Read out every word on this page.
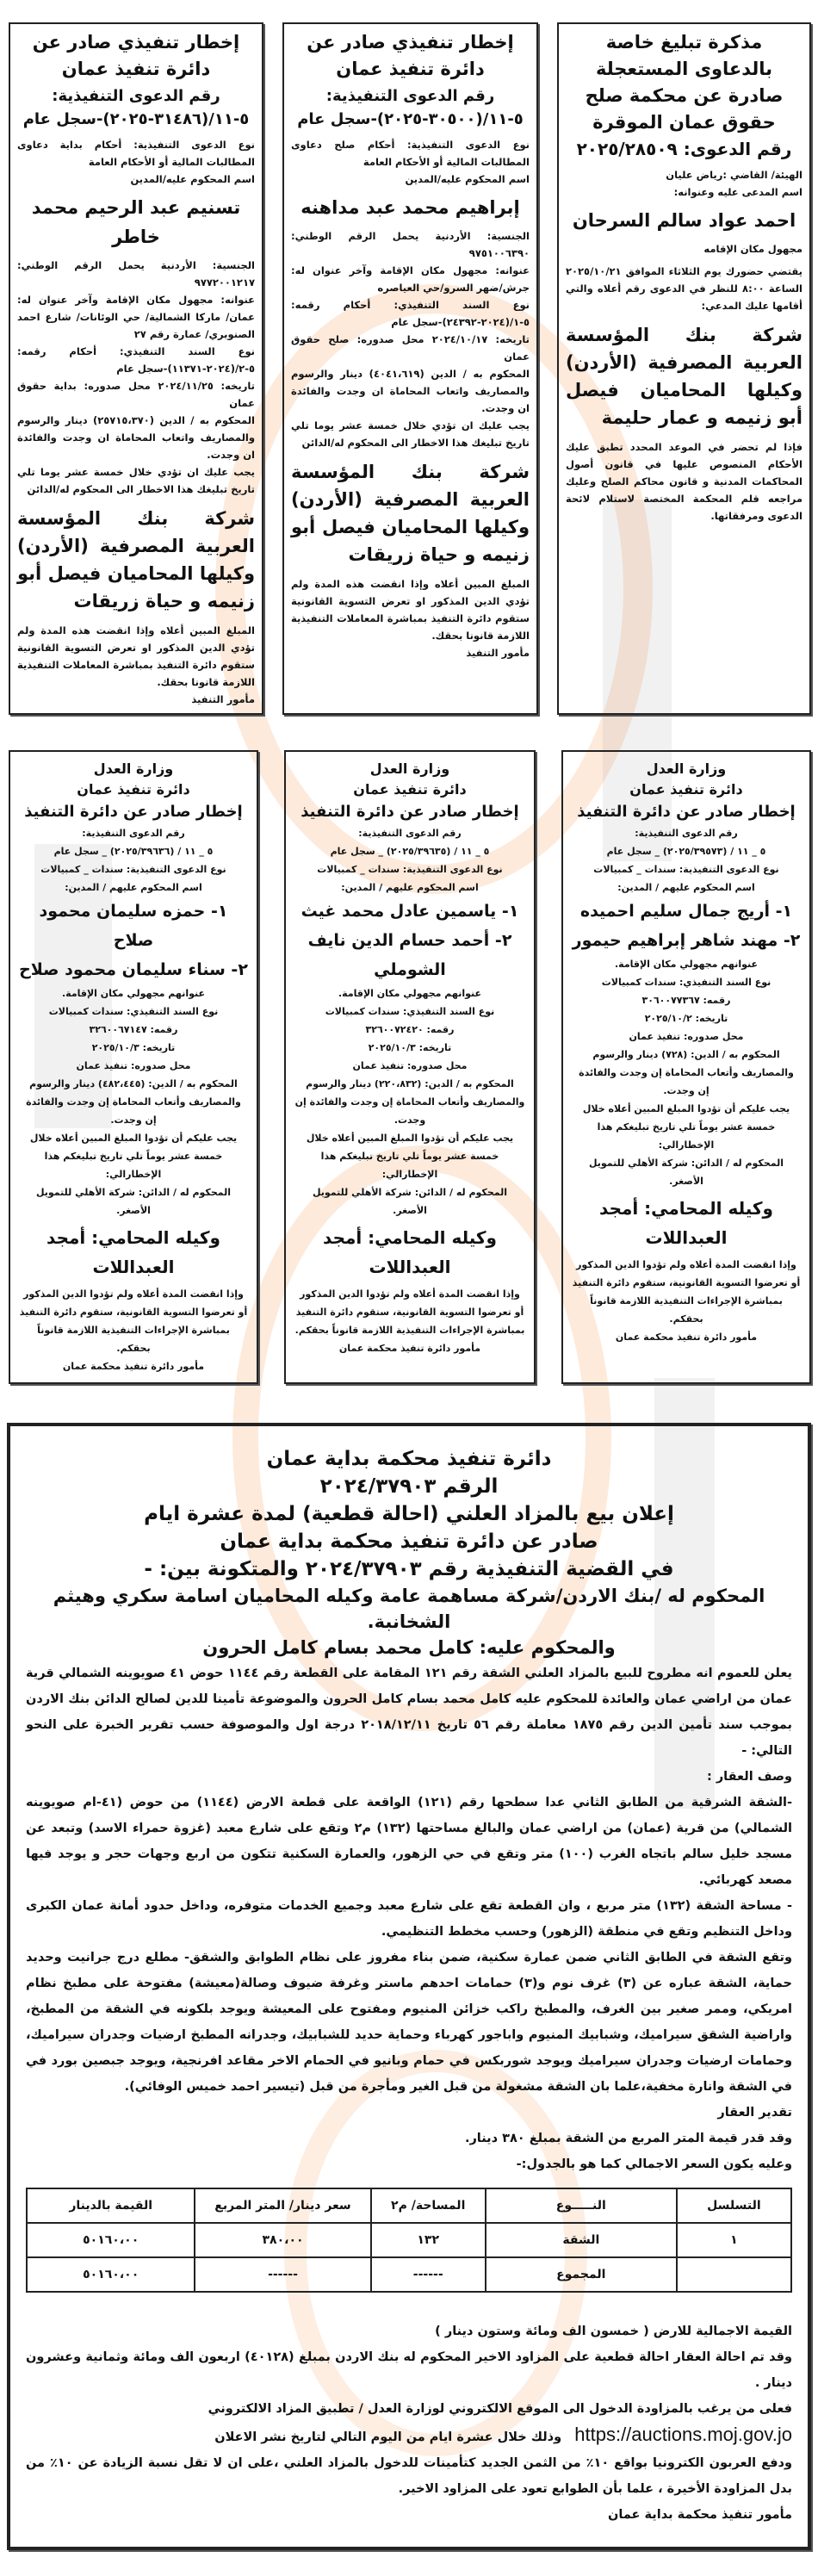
مذكرة تبليغ خاصة بالدعاوى المستعجلة صادرة عن محكمة صلح حقوق عمان الموقرة

رقم الدعوى: ٢٠٢٥/٢٨٥٠٩

الهيئة/ القاضي :رياض عليان

اسم المدعى عليه وعنوانه:

احمد عواد سالم السرحان

مجهول مكان الإقامه

يقتضي حضورك يوم الثلاثاء الموافق ٢٠٢٥/١٠/٢١ الساعة ٨:٠٠ للنظر في الدعوى رقم أعلاه والتي أقامها عليك المدعي:

شركة بنك المؤسسة العربية المصرفية (الأردن) وكيلها المحاميان فيصل أبو زنيمه و عمار حليمة

فإذا لم تحضر في الموعد المحدد تطبق عليك الأحكام المنصوص عليها في قانون أصول المحاكمات المدنية و قانون محاكم الصلح وعليك مراجعه قلم المحكمة المختصة لاستلام لائحة الدعوى ومرفقاتها.

إخطار تنفيذي صادر عن دائرة تنفيذ عمان

رقم الدعوى التنفيذية: ٥-١١/(٣٠٥٠٠-٢٠٢٥)-سجل عام

نوع الدعوى التنفيذية: أحكام صلح دعاوى المطالبات المالية أو الأحكام العامة

اسم المحكوم عليه/المدين

إبراهيم محمد عبد مداهنه

الجنسية: الأردنية يحمل الرقم الوطني: ٩٧٥١٠٠٦٣٩٠

عنوانه: مجهول مكان الإقامة وآخر عنوان له: جرش/ضهر السرو/حي العياصره

نوع السند التنفيذي: أحكام رقمه: ٥-١/(٢٠٢٤-٢٤٣٩٢)-سجل عام

تاريخه: ٢٠٢٤/١٠/١٧ محل صدوره: صلح حقوق عمان

المحكوم به / الدين (٤٠٤١،٦١٩) دينار والرسوم والمصاريف واتعاب المحاماة ان وجدت والفائدة ان وجدت.

يجب عليك ان تؤدي خلال خمسة عشر يوما تلي تاريخ تبليغك هذا الاخطار الى المحكوم له/الدائن

شركة بنك المؤسسة العربية المصرفية (الأردن) وكيلها المحاميان فيصل أبو زنيمه و حياة زريقات

المبلغ المبين أعلاه وإذا انقضت هذه المدة ولم تؤدي الدين المذكور او تعرض التسوية القانونية ستقوم دائرة التنفيذ بمباشرة المعاملات التنفيذية اللازمة قانونا بحقك.

مأمور التنفيذ

إخطار تنفيذي صادر عن دائرة تنفيذ عمان

رقم الدعوى التنفيذية: ٥-١١/(٣١٤٨٦-٢٠٢٥)-سجل عام

نوع الدعوى التنفيذية: أحكام بداية دعاوى المطالبات المالية أو الأحكام العامة

اسم المحكوم عليه/المدين

تسنيم عبد الرحيم محمد خاطر

الجنسية: الأردنية يحمل الرقم الوطني: ٩٧٧٢٠٠١٢١٧

عنوانه: مجهول مكان الإقامة وآخر عنوان له: عمان/ ماركا الشمالية/ حي الوئانات/ شارع احمد الصنوبري/ عمارة رقم ٢٧

نوع السند التنفيذي: أحكام رقمه: ٥-٢/(٢٠٢٤-١١٣٧١)-سجل عام

تاريخه: ٢٠٢٤/١١/٢٥ محل صدوره: بداية حقوق عمان

المحكوم به / الدين (٢٥٧١٥،٣٧٠) دينار والرسوم والمصاريف واتعاب المحاماة ان وجدت والفائدة ان وجدت.

يجب عليك ان تؤدي خلال خمسة عشر يوما تلي تاريخ تبليغك هذا الاخطار الى المحكوم له/الدائن

شركة بنك المؤسسة العربية المصرفية (الأردن) وكيلها المحاميان فيصل أبو زنيمه و حياة زريقات

المبلغ المبين أعلاه وإذا انقضت هذه المدة ولم تؤدي الدين المذكور او تعرض التسوية القانونية ستقوم دائرة التنفيذ بمباشرة المعاملات التنفيذية اللازمة قانونا بحقك.

مأمور التنفيذ

وزارة العدل

دائرة تنفيذ عمان

إخطار صادر عن دائرة التنفيذ

رقم الدعوى التنفيذية:

٥ _ ١١ / (٢٠٢٥/٣٩٥٧٣) _ سجل عام

نوع الدعوى التنفيذية: سندات _ كمبيالات

اسم المحكوم عليهم / المدين:

١- أريج جمال سليم احميده

٢- مهند شاهر إبراهيم حيمور

عنوانهم مجهولي مكان الإقامة.

نوع السند التنفيذي: سندات كمبيالات

رقمه: ٣٠٦٠٠٧٧٣٦٧

تاريخه: ٢٠٢٥/١٠/٢

محل صدوره: تنفيذ عمان

المحكوم به / الدين: (٧٢٨) دينار والرسوم والمصاريف وأتعاب المحاماة إن وجدت والفائدة إن وجدت.

يجب عليكم أن تؤدوا المبلغ المبين أعلاه خلال خمسة عشر يوماً تلي تاريخ تبليغكم هذا الإخطارالي:

المحكوم له / الدائن: شركة الأهلي للتمويل الأصغر.

وكيله المحامي: أمجد العبداللات

وإذا انقضت المدة أعلاه ولم تؤدوا الدين المذكور أو تعرضوا التسوية القانونية، ستقوم دائرة التنفيذ بمباشرة الإجراءات التنفيذية اللازمة قانوناً بحقكم.

مأمور دائرة تنفيذ محكمة عمان

وزارة العدل

دائرة تنفيذ عمان

إخطار صادر عن دائرة التنفيذ

رقم الدعوى التنفيذية:

٥ _ ١١ / (٢٠٢٥/٣٩٦٣٥) _ سجل عام

نوع الدعوى التنفيذية: سندات _ كمبيالات

اسم المحكوم عليهم / المدين:

١- ياسمين عادل محمد غيث

٢- أحمد حسام الدين نايف الشوملي

عنوانهم مجهولي مكان الإقامة.

نوع السند التنفيذي: سندات كمبيالات

رقمه: ٣٢٦٠٠٧٢٤٢٠

تاريخه: ٢٠٢٥/١٠/٣

محل صدوره: تنفيذ عمان

المحكوم به / الدين: (٢٢٠،٨٣٢) دينار والرسوم والمصاريف وأتعاب المحاماة إن وجدت والفائدة إن وجدت.

يجب عليكم أن تؤدوا المبلغ المبين أعلاه خلال خمسة عشر يوماً تلي تاريخ تبليغكم هذا الإخطارالي:

المحكوم له / الدائن: شركة الأهلي للتمويل الأصغر.

وكيله المحامي: أمجد العبداللات

وإذا انقضت المدة أعلاه ولم تؤدوا الدين المذكور أو تعرضوا التسوية القانونية، ستقوم دائرة التنفيذ بمباشرة الإجراءات التنفيذية اللازمة قانوناً بحقكم.

مأمور دائرة تنفيذ محكمة عمان

وزارة العدل

دائرة تنفيذ عمان

إخطار صادر عن دائرة التنفيذ

رقم الدعوى التنفيذية:

٥ _ ١١ / (٢٠٢٥/٣٩٦٣٦) _ سجل عام

نوع الدعوى التنفيذية: سندات _ كمبيالات

اسم المحكوم عليهم / المدين:

١- حمزه سليمان محمود صلاح

٢- سناء سليمان محمود صلاح

عنوانهم مجهولي مكان الإقامة.

نوع السند التنفيذي: سندات كمبيالات

رقمه: ٣٢٦٠٠٦٧١٤٧

تاريخه: ٢٠٢٥/١٠/٣

محل صدوره: تنفيذ عمان

المحكوم به / الدين: (٤٨٢،٤٤٥) دينار والرسوم والمصاريف وأتعاب المحاماة إن وجدت والفائدة إن وجدت.

يجب عليكم أن تؤدوا المبلغ المبين أعلاه خلال خمسة عشر يوماً تلي تاريخ تبليغكم هذا الإخطارالي:

المحكوم له / الدائن: شركة الأهلي للتمويل الأصغر.

وكيله المحامي: أمجد العبداللات

وإذا انقضت المدة أعلاه ولم تؤدوا الدين المذكور أو تعرضوا التسوية القانونية، ستقوم دائرة التنفيذ بمباشرة الإجراءات التنفيذية اللازمة قانوناً بحقكم.

مأمور دائرة تنفيذ محكمة عمان

دائرة تنفيذ محكمة بداية عمان

الرقم ٢٠٢٤/٣٧٩٠٣

إعلان بيع بالمزاد العلني (احالة قطعية) لمدة عشرة ايام

صادر عن دائرة تنفيذ محكمة بداية عمان

في القضية التنفيذية رقم ٢٠٢٤/٣٧٩٠٣ والمتكونة بين: -

المحكوم له /بنك الاردن/شركة مساهمة عامة وكيله المحاميان اسامة سكري وهيثم الشخانبة.

والمحكوم عليه: كامل محمد بسام كامل الحرون

يعلن للعموم انه مطروح للبيع بالمزاد العلني الشقة رقم ١٢١ المقامة على القطعة رقم ١١٤٤ حوض ٤١ صويوينه الشمالي قرية عمان من اراضي عمان والعائدة للمحكوم عليه كامل محمد بسام كامل الحرون والموضوعة تأمينا للدين لصالح الدائن بنك الاردن بموجب سند تأمين الدين رقم ١٨٧٥ معاملة رقم ٥٦ تاريخ ٢٠١٨/١٢/١١ درجة اول والموصوفة حسب تقرير الخبرة على النحو التالي: -

وصف العقار :

-الشقة الشرقية من الطابق الثاني عدا سطحها رقم (١٢١) الواقعة على قطعة الارض (١١٤٤) من حوض (٤١-ام صويوينه الشمالي) من قرية (عمان) من اراضي عمان والبالغ مساحتها (١٣٢) م٢ وتقع على شارع معبد (غزوة حمراء الاسد) وتبعد عن مسجد خليل سالم باتجاه الغرب (١٠٠) متر وتقع في حي الزهور، والعمارة السكنية تتكون من اربع وجهات حجر و يوجد فيها مصعد كهربائي.

- مساحة الشقة (١٣٢) متر مربع ، وان القطعة تقع على شارع معبد وجميع الخدمات متوفره، وداخل حدود أمانة عمان الكبرى وداخل التنظيم وتقع في منطقة (الزهور) وحسب مخطط التنظيمي.

وتقع الشقة في الطابق الثاني ضمن عمارة سكنية، ضمن بناء مفروز على نظام الطوابق والشقق- مطلع درج جرانيت وحديد حماية، الشقة عباره عن (٣) غرف نوم و(٣) حمامات احدهم ماستر وغرفة ضيوف وصالة(معيشة) مفتوحة على مطبخ نظام امريكي، وممر صغير بين الغرف، والمطبخ راكب خزائن المنيوم ومفتوح على المعيشة ويوجد بلكونه في الشقة من المطبخ، واراضية الشقق سيراميك، وشبابيك المنيوم واباجور كهرباء وحماية حديد للشبابيك، وجدرانه المطبخ ارضيات وجدران سيراميك، وحمامات ارضيات وجدران سيراميك ويوجد شوربكس في حمام وبانيو في الحمام الاخر مقاعد افرنجية، ويوجد جبصين بورد في في الشقة وانارة مخفية،علما بان الشقة مشغولة من قبل الغير ومأجرة من قبل (تيسير احمد خميس الوفائي).

تقدير العقار

وقد قدر قيمة المتر المربع من الشقة بمبلغ ٣٨٠ دينار.

وعليه يكون السعر الاجمالي كما هو بالجدول:-

التسلسل	النـــــوع	المساحة/ م٢	سعر دينار/ المتر المربع	القيمة بالدينار
١	الشقة	١٣٢	٣٨٠،٠٠	٥٠١٦٠،٠٠
	المجموع	------	------	٥٠١٦٠،٠٠

القيمة الاجمالية للارض ( خمسون الف ومائة وستون دينار )

وقد تم احالة العقار احالة قطعية على المزاود الاخير المحكوم له بنك الاردن بمبلغ (٤٠١٢٨) اربعون الف ومائة وثمانية وعشرون دينار .

فعلى من يرغب بالمزاودة الدخول الى الموقع الالكتروني لوزارة العدل / تطبيق المزاد الالكتروني

https://auctions.moj.gov.jo   وذلك خلال عشرة ايام من اليوم التالي لتاريخ نشر الاعلان

ودفع العربون الكترونيا بواقع ١٠٪ من الثمن الجديد كتأمينات للدخول بالمزاد العلني ،على ان لا تقل نسبة الزيادة عن ١٠٪ من بدل المزاودة الأخيرة ، علما بأن الطوابع تعود على المزاود الاخير.

مأمور تنفيذ محكمة بداية عمان
